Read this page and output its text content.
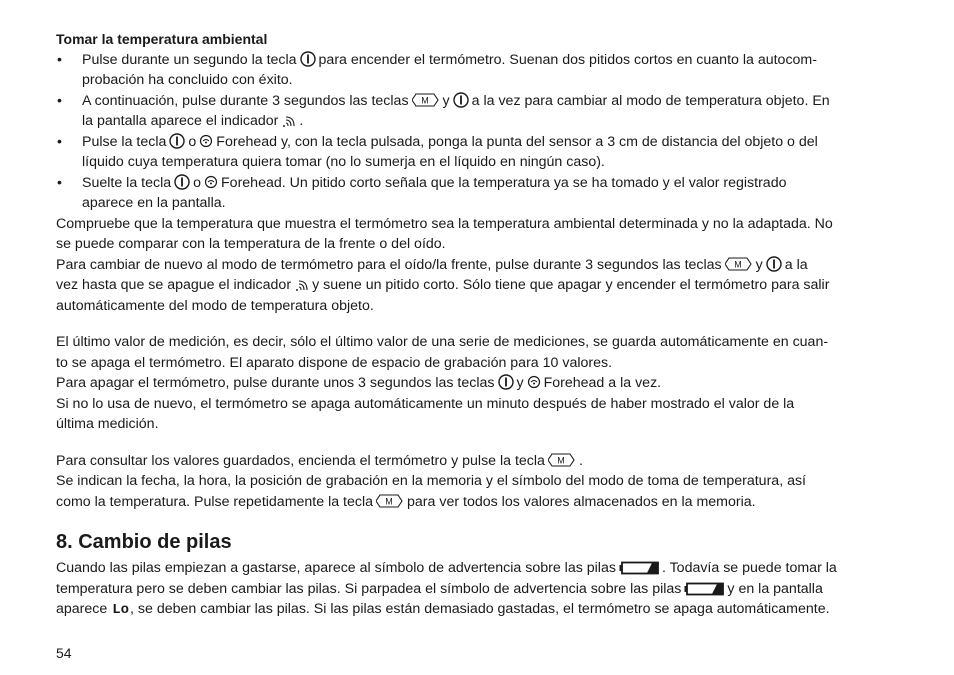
Tomar la temperatura ambiental
• Pulse durante un segundo la tecla para encender el termómetro. Suenan dos pitidos cortos en cuanto la autocom-
probación ha concluido con éxito.
• A continuación, pulse durante 3 segundos las teclas y a la vez para cambiar al modo de temperatura objeto. En
la pantalla aparece el indicador .
• Pulse la tecla o Forehead y, con la tecla pulsada, ponga la punta del sensor a 3 cm de distancia del objeto o del
líquido cuya temperatura quiera tomar (no lo sumerja en el líquido en ningún caso).
• Suelte la tecla o Forehead. Un pitido corto señala que la temperatura ya se ha tomado y el valor registrado
aparece en la pantalla.

Compruebe que la temperatura que muestra el termómetro sea la temperatura ambiental determinada y no la adaptada. No
se puede comparar con la temperatura de la frente o del oído.

Para cambiar de nuevo al modo de termómetro para el oído/la frente, pulse durante 3 segundos las teclas y a la
vez hasta que se apague el indicador y suene un pitido corto. Sólo tiene que apagar y encender el termómetro para salir
automáticamente del modo de temperatura objeto.

El último valor de medición, es decir, sólo el último valor de una serie de mediciones, se guarda automáticamente en cuan-
to se apaga el termómetro. El aparato dispone de espacio de grabación para 10 valores.

Para apagar el termómetro, pulse durante unos 3 segundos las teclas y Forehead a la vez.

Si no lo usa de nuevo, el termómetro se apaga automáticamente un minuto después de haber mostrado el valor de la
última medición.

Para consultar los valores guardados, encienda el termómetro y pulse la tecla .

Se indican la fecha, la hora, la posición de grabación en la memoria y el símbolo del modo de toma de temperatura, así
como la temperatura. Pulse repetidamente la tecla para ver todos los valores almacenados en la memoria.

8. Cambio de pilas

Cuando las pilas empiezan a gastarse, aparece al símbolo de advertencia sobre las pilas	. Todavía se puede tomar la
temperatura pero se deben cambiar las pilas. Si parpadea el símbolo de advertencia sobre las pilas	y en la pantalla
aparece Lo, se deben cambiar las pilas. Si las pilas están demasiado gastadas, el termómetro se apaga automáticamente.

54
